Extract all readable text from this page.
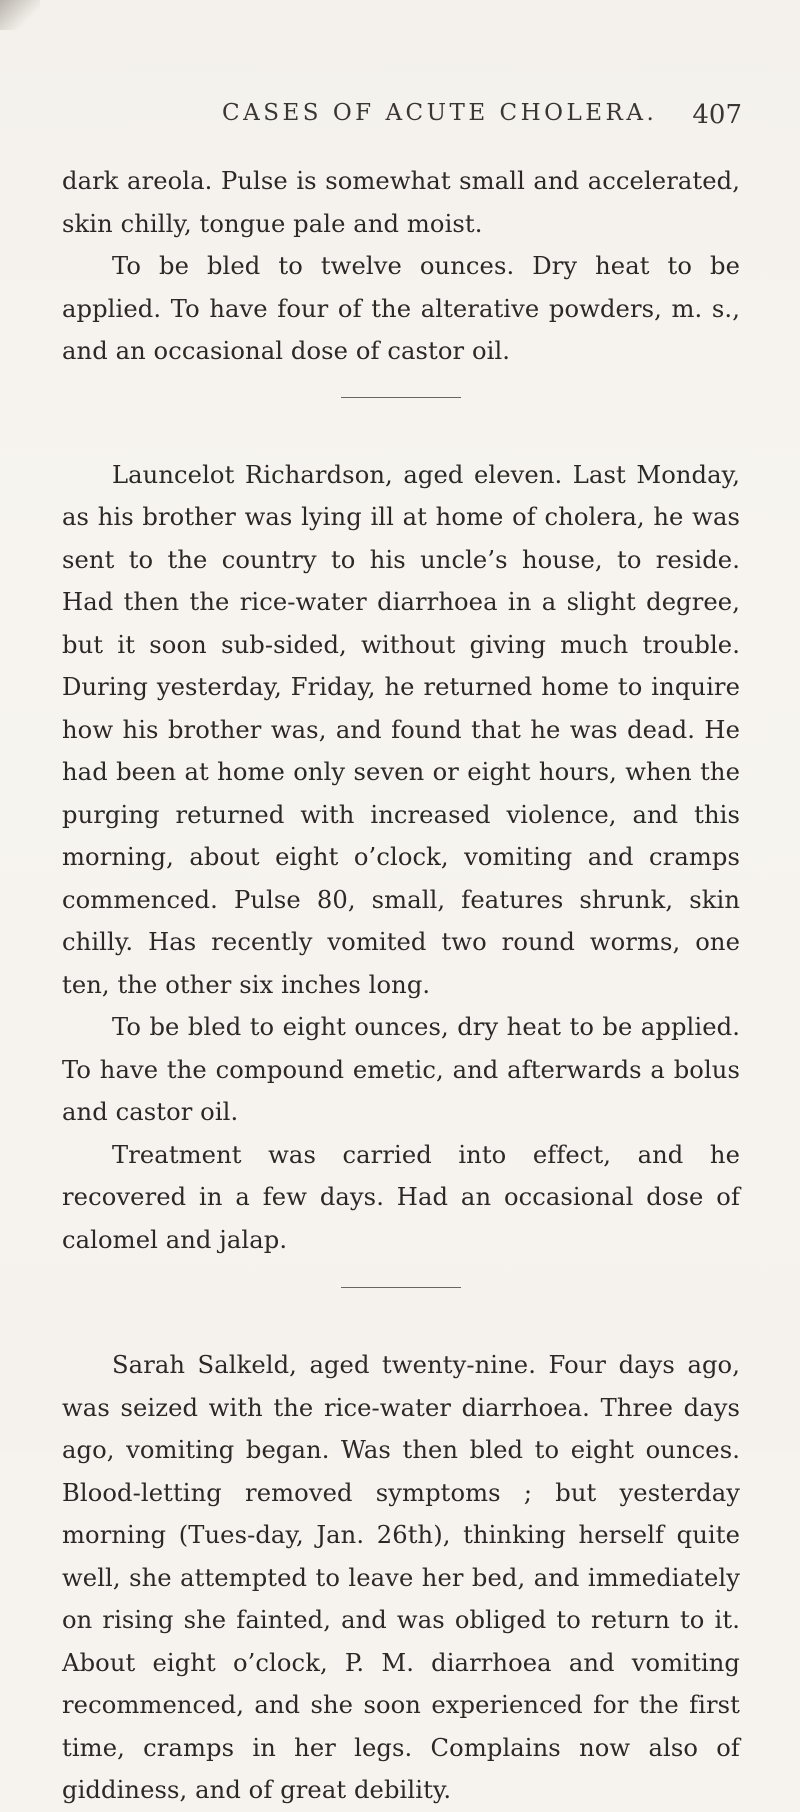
CASES OF ACUTE CHOLERA. 407

dark areola. Pulse is somewhat small and accelerated, skin chilly, tongue pale and moist.

To be bled to twelve ounces. Dry heat to be applied. To have four of the alterative powders, m. s., and an occasional dose of castor oil.

Launcelot Richardson, aged eleven. Last Monday, as his brother was lying ill at home of cholera, he was sent to the country to his uncle’s house, to reside. Had then the rice-water diarrhoea in a slight degree, but it soon sub-sided, without giving much trouble. During yesterday, Friday, he returned home to inquire how his brother was, and found that he was dead. He had been at home only seven or eight hours, when the purging returned with increased violence, and this morning, about eight o’clock, vomiting and cramps commenced. Pulse 80, small, features shrunk, skin chilly. Has recently vomited two round worms, one ten, the other six inches long.

To be bled to eight ounces, dry heat to be applied. To have the compound emetic, and afterwards a bolus and castor oil.

Treatment was carried into effect, and he recovered in a few days. Had an occasional dose of calomel and jalap.

Sarah Salkeld, aged twenty-nine. Four days ago, was seized with the rice-water diarrhoea. Three days ago, vomiting began. Was then bled to eight ounces. Blood-letting removed symptoms ; but yesterday morning (Tues-day, Jan. 26th), thinking herself quite well, she attempted to leave her bed, and immediately on rising she fainted, and was obliged to return to it. About eight o’clock, P. M. diarrhoea and vomiting recommenced, and she soon experienced for the first time, cramps in her legs. Complains now also of giddiness, and of great debility.
